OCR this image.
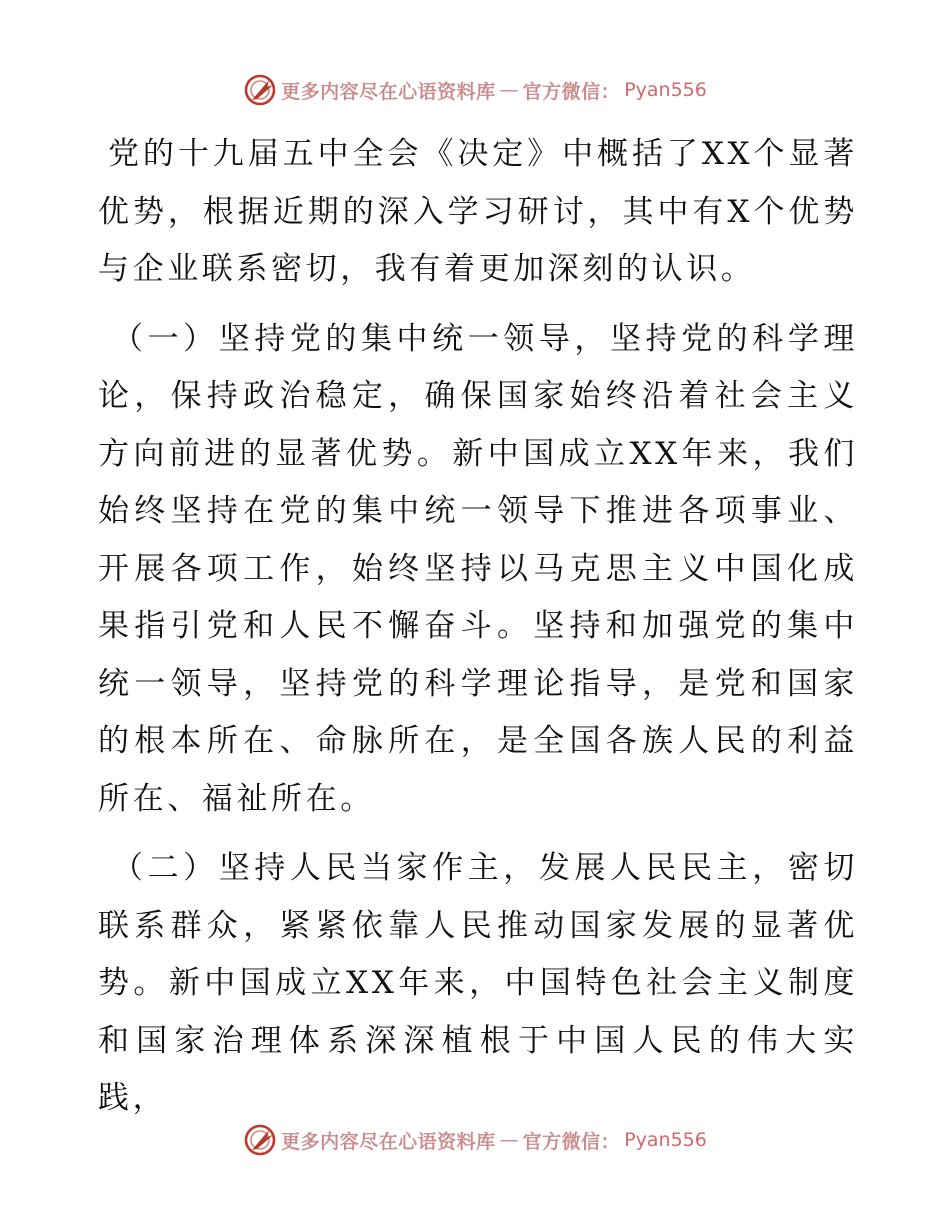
更多内容尽在心语资料库 — 官方微信： Pyan556

党的十九届五中全会《决定》中概括了XX个显著优势，根据近期的深入学习研讨，其中有X个优势与企业联系密切，我有着更加深刻的认识。

（一）坚持党的集中统一领导，坚持党的科学理论，保持政治稳定，确保国家始终沿着社会主义方向前进的显著优势。新中国成立XX年来，我们始终坚持在党的集中统一领导下推进各项事业、开展各项工作，始终坚持以马克思主义中国化成果指引党和人民不懈奋斗。坚持和加强党的集中统一领导，坚持党的科学理论指导，是党和国家的根本所在、命脉所在，是全国各族人民的利益所在、福祉所在。

（二）坚持人民当家作主，发展人民民主，密切联系群众，紧紧依靠人民推动国家发展的显著优势。新中国成立XX年来，中国特色社会主义制度和国家治理体系深深植根于中国人民的伟大实践，

更多内容尽在心语资料库 — 官方微信： Pyan556
